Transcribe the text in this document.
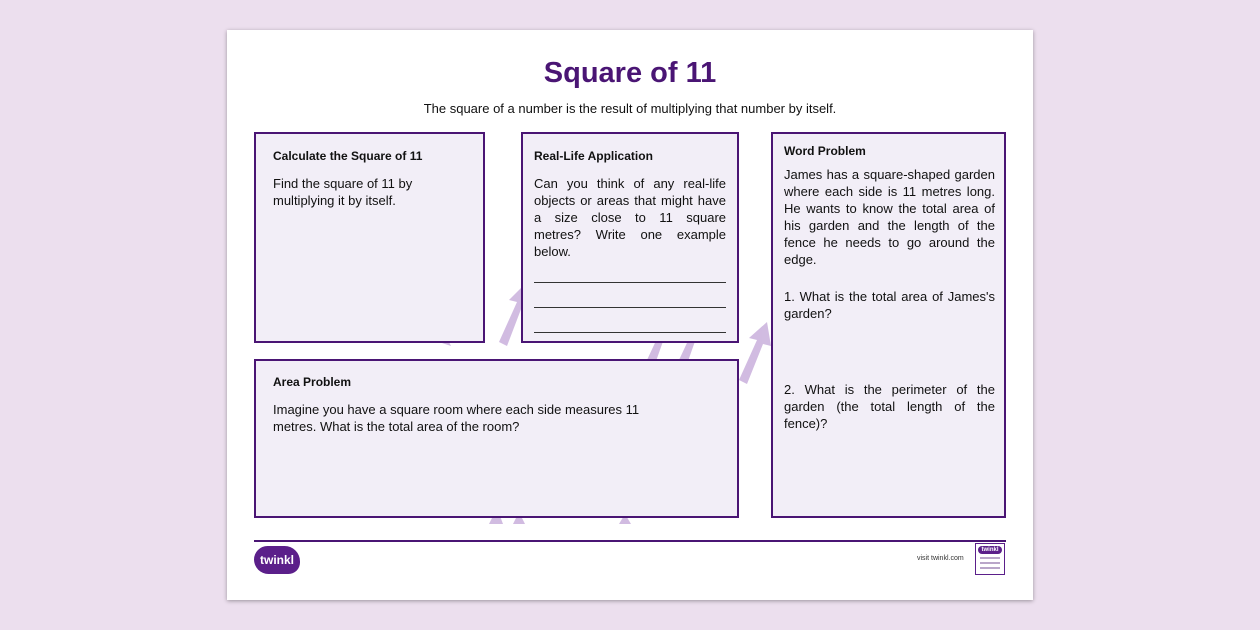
Square of 11
The square of a number is the result of multiplying that number by itself.
Calculate the Square of 11
Find the square of 11 by multiplying it by itself.
Real-Life Application
Can you think of any real-life objects or areas that might have a size close to 11 square metres? Write one example below.
Word Problem
James has a square-shaped garden where each side is 11 metres long. He wants to know the total area of his garden and the length of the fence he needs to go around the edge.
1. What is the total area of James's garden?
2. What is the perimeter of the garden (the total length of the fence)?
Area Problem
Imagine you have a square room where each side measures 11 metres. What is the total area of the room?
twinkl	visit twinkl.com
twinkl
